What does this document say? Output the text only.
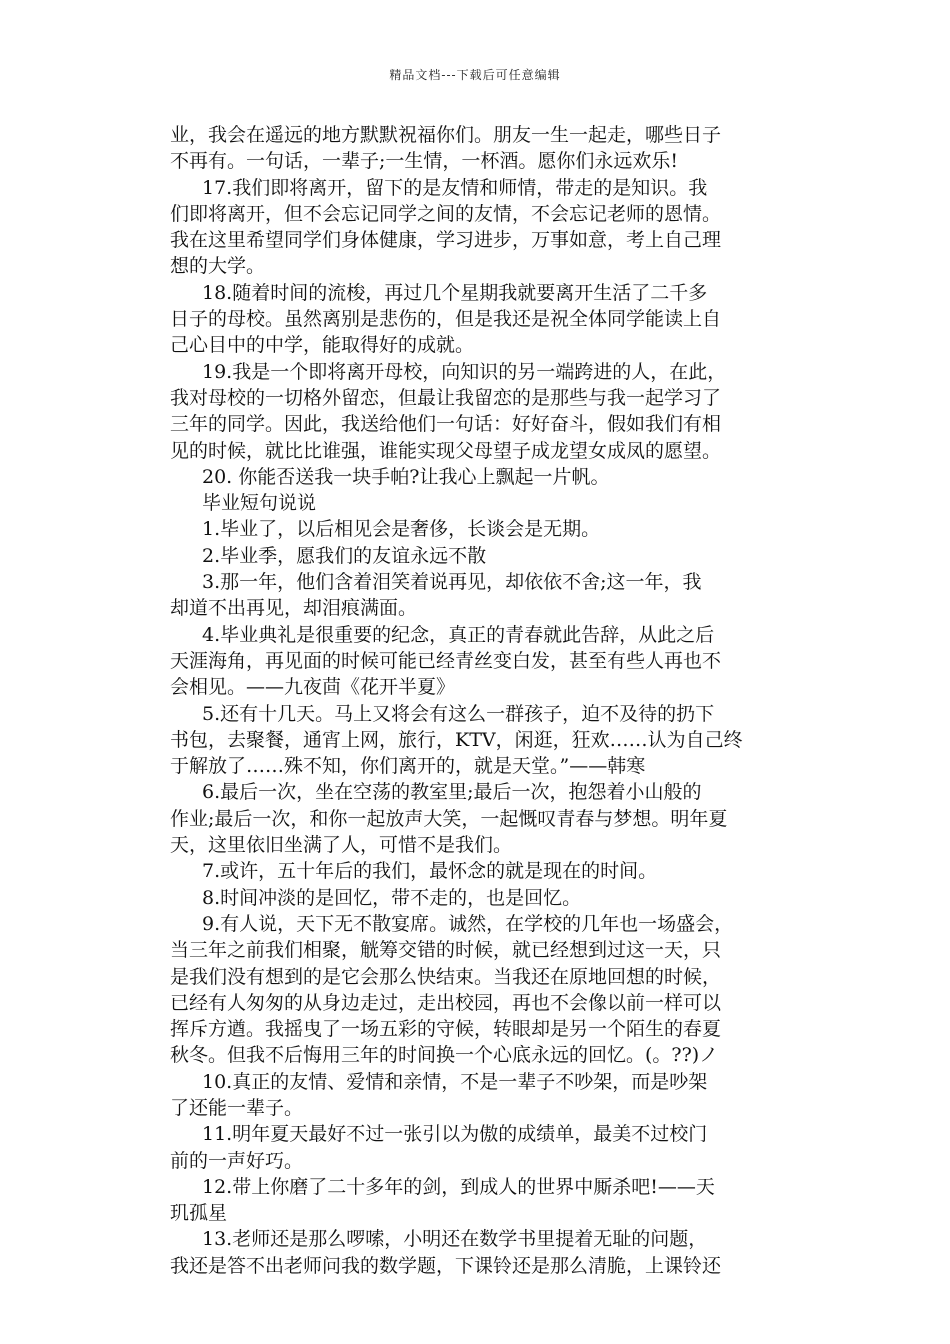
精品文档---下载后可任意编辑
业，我会在遥远的地方默默祝福你们。朋友一生一起走，哪些日子
不再有。一句话，一辈子;一生情，一杯酒。愿你们永远欢乐!
17.我们即将离开，留下的是友情和师情，带走的是知识。我
们即将离开，但不会忘记同学之间的友情，不会忘记老师的恩情。
我在这里希望同学们身体健康，学习进步，万事如意，考上自己理
想的大学。
18.随着时间的流梭，再过几个星期我就要离开生活了二千多
日子的母校。虽然离别是悲伤的，但是我还是祝全体同学能读上自
己心目中的中学，能取得好的成就。
19.我是一个即将离开母校，向知识的另一端跨进的人，在此，
我对母校的一切格外留恋，但最让我留恋的是那些与我一起学习了
三年的同学。因此，我送给他们一句话：好好奋斗，假如我们有相
见的时候，就比比谁强，谁能实现父母望子成龙望女成凤的愿望。
20. 你能否送我一块手帕?让我心上飘起一片帆。
毕业短句说说
1.毕业了，以后相见会是奢侈，长谈会是无期。
2.毕业季，愿我们的友谊永远不散
3.那一年，他们含着泪笑着说再见，却依依不舍;这一年，我
却道不出再见，却泪痕满面。
4.毕业典礼是很重要的纪念，真正的青春就此告辞，从此之后
天涯海角，再见面的时候可能已经青丝变白发，甚至有些人再也不
会相见。——九夜茴《花开半夏》
5.还有十几天。马上又将会有这么一群孩子，迫不及待的扔下
书包，去聚餐，通宵上网，旅行，KTV，闲逛，狂欢……认为自己终
于解放了……殊不知，你们离开的，就是天堂。”——韩寒
6.最后一次，坐在空荡的教室里;最后一次，抱怨着小山般的
作业;最后一次，和你一起放声大笑，一起慨叹青春与梦想。明年夏
天，这里依旧坐满了人，可惜不是我们。
7.或许，五十年后的我们，最怀念的就是现在的时间。
8.时间冲淡的是回忆，带不走的，也是回忆。
9.有人说，天下无不散宴席。诚然，在学校的几年也一场盛会，
当三年之前我们相聚，觥筹交错的时候，就已经想到过这一天，只
是我们没有想到的是它会那么快结束。当我还在原地回想的时候，
已经有人匆匆的从身边走过，走出校园，再也不会像以前一样可以
挥斥方遒。我摇曳了一场五彩的守候，转眼却是另一个陌生的春夏
秋冬。但我不后悔用三年的时间换一个心底永远的回忆。(。??)ノ
10.真正的友情、爱情和亲情，不是一辈子不吵架，而是吵架
了还能一辈子。
11.明年夏天最好不过一张引以为傲的成绩单，最美不过校门
前的一声好巧。
12.带上你磨了二十多年的剑，到成人的世界中厮杀吧!——天
玑孤星
13.老师还是那么啰嗦，小明还在数学书里提着无耻的问题，
我还是答不出老师问我的数学题，下课铃还是那么清脆，上课铃还
